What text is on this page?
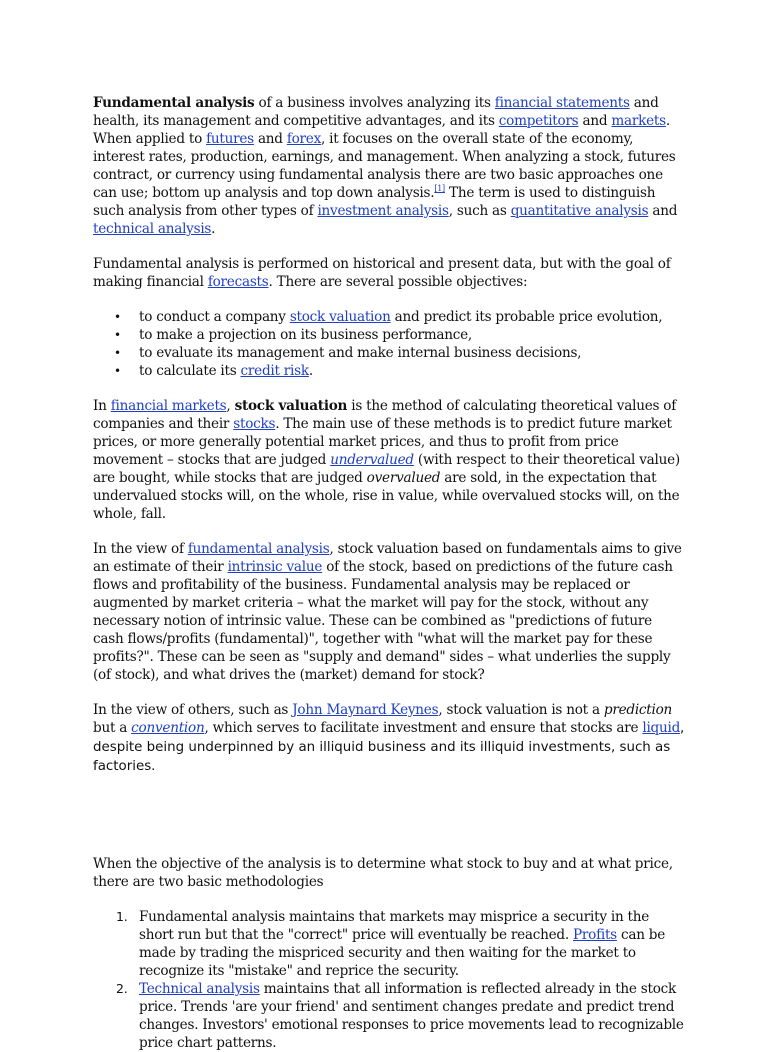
Fundamental analysis of a business involves analyzing its financial statements and health, its management and competitive advantages, and its competitors and markets. When applied to futures and forex, it focuses on the overall state of the economy, interest rates, production, earnings, and management. When analyzing a stock, futures contract, or currency using fundamental analysis there are two basic approaches one can use; bottom up analysis and top down analysis.[1] The term is used to distinguish such analysis from other types of investment analysis, such as quantitative analysis and technical analysis.

Fundamental analysis is performed on historical and present data, but with the goal of making financial forecasts. There are several possible objectives:

• to conduct a company stock valuation and predict its probable price evolution,
• to make a projection on its business performance,
• to evaluate its management and make internal business decisions,
• to calculate its credit risk.

In financial markets, stock valuation is the method of calculating theoretical values of companies and their stocks. The main use of these methods is to predict future market prices, or more generally potential market prices, and thus to profit from price movement – stocks that are judged undervalued (with respect to their theoretical value) are bought, while stocks that are judged overvalued are sold, in the expectation that undervalued stocks will, on the whole, rise in value, while overvalued stocks will, on the whole, fall.

In the view of fundamental analysis, stock valuation based on fundamentals aims to give an estimate of their intrinsic value of the stock, based on predictions of the future cash flows and profitability of the business. Fundamental analysis may be replaced or augmented by market criteria – what the market will pay for the stock, without any necessary notion of intrinsic value. These can be combined as "predictions of future cash flows/profits (fundamental)", together with "what will the market pay for these profits?". These can be seen as "supply and demand" sides – what underlies the supply (of stock), and what drives the (market) demand for stock?

In the view of others, such as John Maynard Keynes, stock valuation is not a prediction but a convention, which serves to facilitate investment and ensure that stocks are liquid, despite being underpinned by an illiquid business and its illiquid investments, such as factories.

When the objective of the analysis is to determine what stock to buy and at what price, there are two basic methodologies

1. Fundamental analysis maintains that markets may misprice a security in the short run but that the "correct" price will eventually be reached. Profits can be made by trading the mispriced security and then waiting for the market to recognize its "mistake" and reprice the security.
2. Technical analysis maintains that all information is reflected already in the stock price. Trends 'are your friend' and sentiment changes predate and predict trend changes. Investors' emotional responses to price movements lead to recognizable price chart patterns.
